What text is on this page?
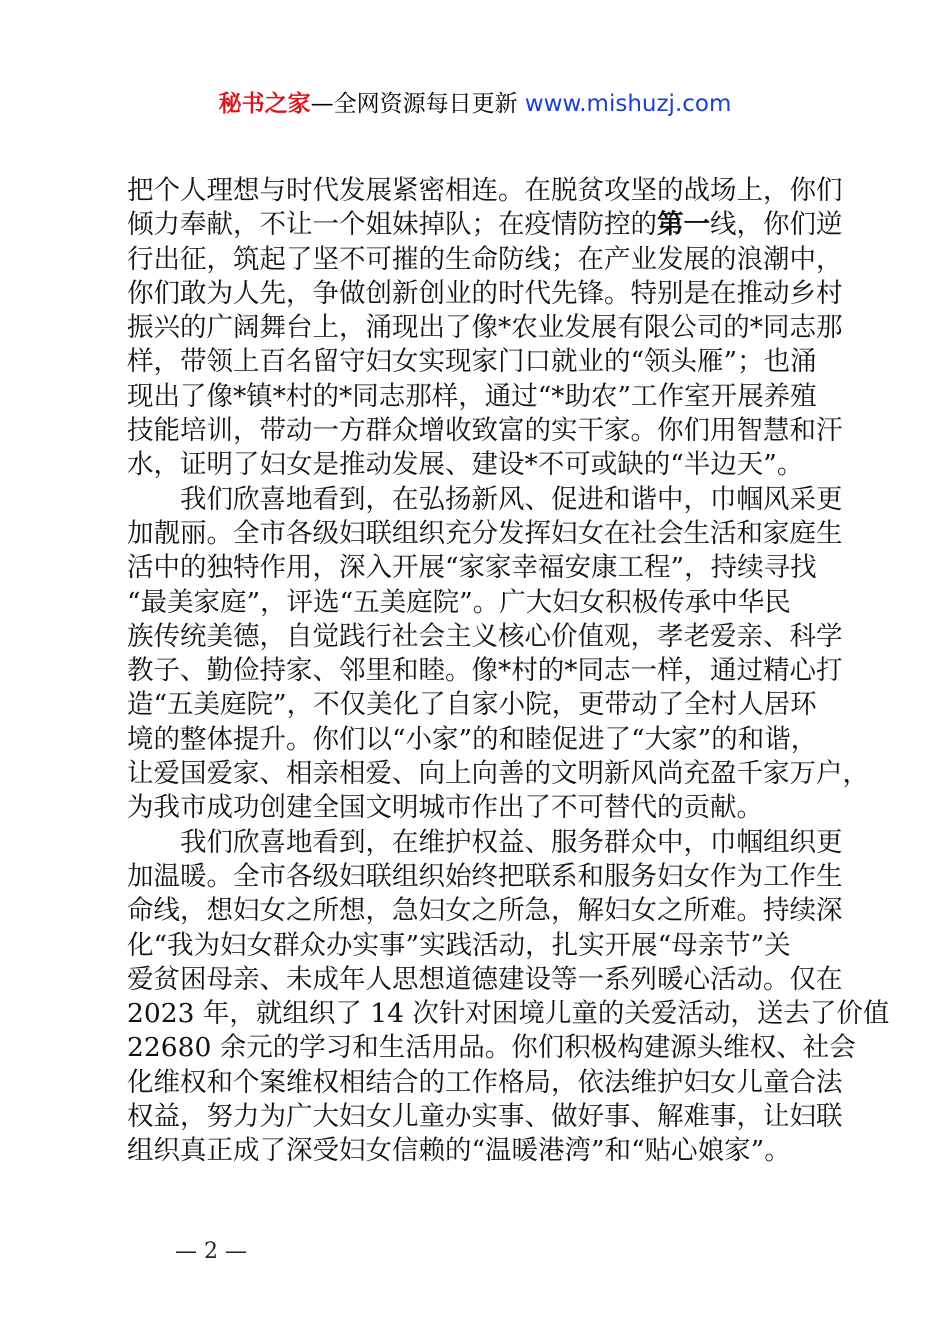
秘书之家—全网资源每日更新 www.mishuzj.com
把个人理想与时代发展紧密相连。在脱贫攻坚的战场上，你们
倾力奉献，不让一个姐妹掉队；在疫情防控的第一线，你们逆
行出征，筑起了坚不可摧的生命防线；在产业发展的浪潮中，
你们敢为人先，争做创新创业的时代先锋。特别是在推动乡村
振兴的广阔舞台上，涌现出了像*农业发展有限公司的*同志那
样，带领上百名留守妇女实现家门口就业的“领头雁”；也涌
现出了像*镇*村的*同志那样，通过“*助农”工作室开展养殖
技能培训，带动一方群众增收致富的实干家。你们用智慧和汗
水，证明了妇女是推动发展、建设*不可或缺的“半边天”。
我们欣喜地看到，在弘扬新风、促进和谐中，巾帼风采更
加靓丽。全市各级妇联组织充分发挥妇女在社会生活和家庭生
活中的独特作用，深入开展“家家幸福安康工程”，持续寻找
“最美家庭”，评选“五美庭院”。广大妇女积极传承中华民
族传统美德，自觉践行社会主义核心价值观，孝老爱亲、科学
教子、勤俭持家、邻里和睦。像*村的*同志一样，通过精心打
造“五美庭院”，不仅美化了自家小院，更带动了全村人居环
境的整体提升。你们以“小家”的和睦促进了“大家”的和谐，
让爱国爱家、相亲相爱、向上向善的文明新风尚充盈千家万户，
为我市成功创建全国文明城市作出了不可替代的贡献。
我们欣喜地看到，在维护权益、服务群众中，巾帼组织更
加温暖。全市各级妇联组织始终把联系和服务妇女作为工作生
命线，想妇女之所想，急妇女之所急，解妇女之所难。持续深
化“我为妇女群众办实事”实践活动，扎实开展“母亲节”关
爱贫困母亲、未成年人思想道德建设等一系列暖心活动。仅在
2023 年，就组织了 14 次针对困境儿童的关爱活动，送去了价值
22680 余元的学习和生活用品。你们积极构建源头维权、社会
化维权和个案维权相结合的工作格局，依法维护妇女儿童合法
权益，努力为广大妇女儿童办实事、做好事、解难事，让妇联
组织真正成了深受妇女信赖的“温暖港湾”和“贴心娘家”。
— 2 —
